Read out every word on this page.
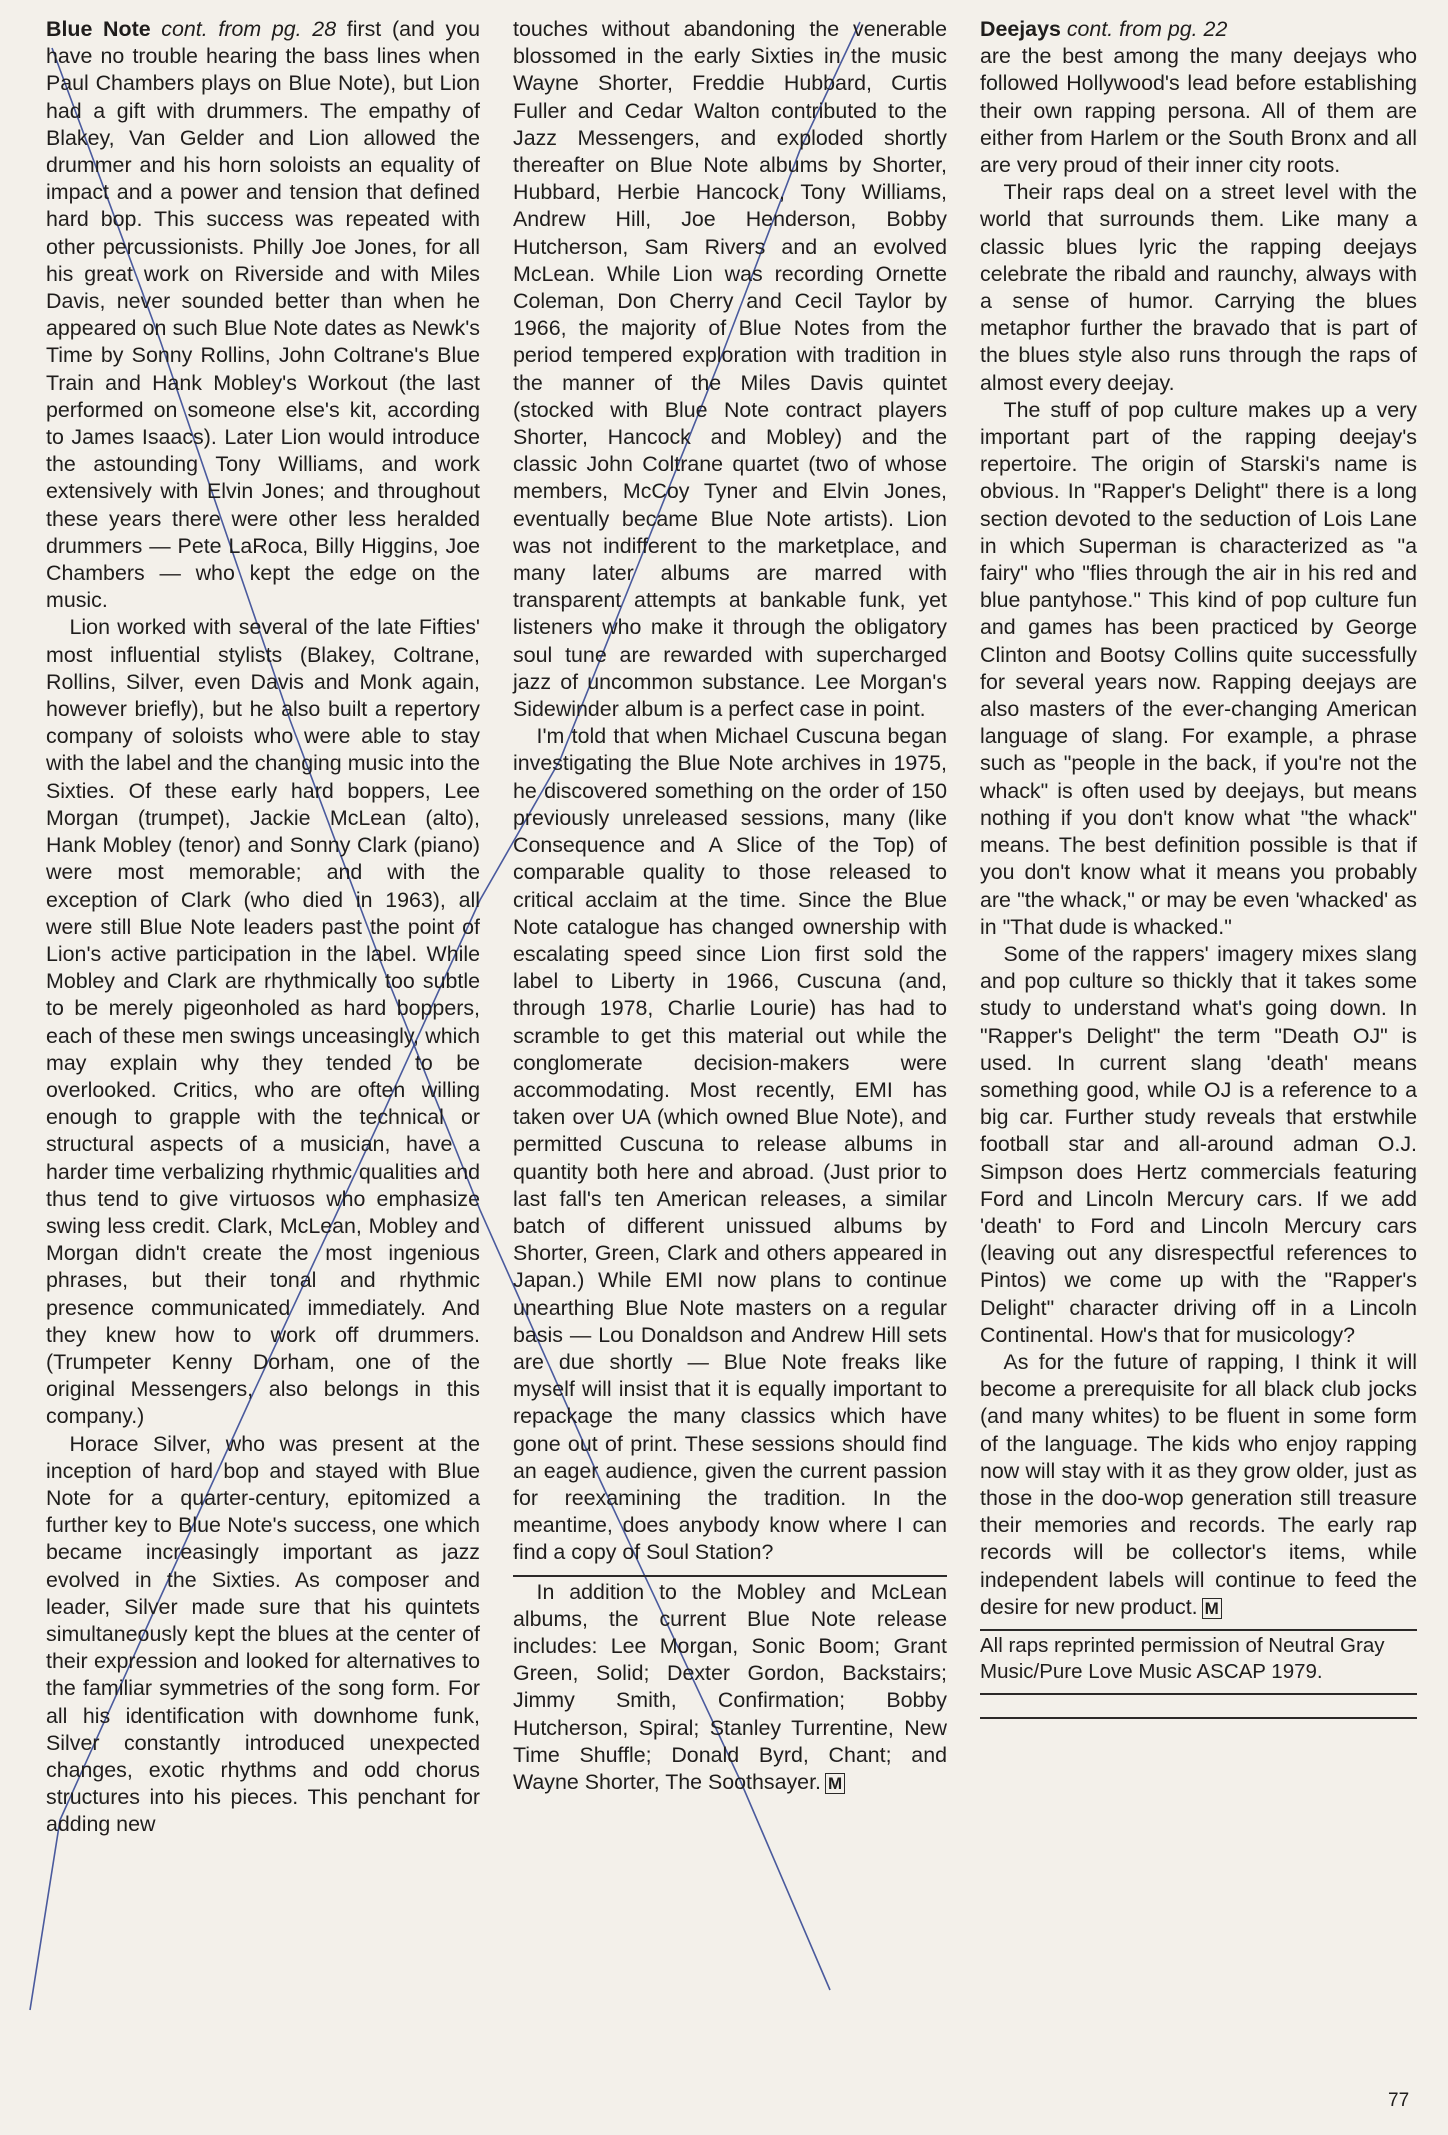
Blue Note cont. from pg. 28 first (and you have no trouble hearing the bass lines when Paul Chambers plays on Blue Note), but Lion had a gift with drummers. The empathy of Blakey, Van Gelder and Lion allowed the drummer and his horn soloists an equality of impact and a power and tension that defined hard bop. This success was repeated with other percussionists. Philly Joe Jones, for all his great work on Riverside and with Miles Davis, never sounded better than when he appeared on such Blue Note dates as Newk's Time by Sonny Rollins, John Coltrane's Blue Train and Hank Mobley's Workout (the last performed on someone else's kit, according to James Isaacs). Later Lion would introduce the astounding Tony Williams, and work extensively with Elvin Jones; and throughout these years there were other less heralded drummers — Pete LaRoca, Billy Higgins, Joe Chambers — who kept the edge on the music.

Lion worked with several of the late Fifties' most influential stylists (Blakey, Coltrane, Rollins, Silver, even Davis and Monk again, however briefly), but he also built a repertory company of soloists who were able to stay with the label and the changing music into the Sixties. Of these early hard boppers, Lee Morgan (trumpet), Jackie McLean (alto), Hank Mobley (tenor) and Sonny Clark (piano) were most memorable; and with the exception of Clark (who died in 1963), all were still Blue Note leaders past the point of Lion's active participation in the label. While Mobley and Clark are rhythmically too subtle to be merely pigeonholed as hard boppers, each of these men swings unceasingly, which may explain why they tended to be overlooked. Critics, who are often willing enough to grapple with the technical or structural aspects of a musician, have a harder time verbalizing rhythmic qualities and thus tend to give virtuosos who emphasize swing less credit. Clark, McLean, Mobley and Morgan didn't create the most ingenious phrases, but their tonal and rhythmic presence communicated immediately. And they knew how to work off drummers. (Trumpeter Kenny Dorham, one of the original Messengers, also belongs in this company.)

Horace Silver, who was present at the inception of hard bop and stayed with Blue Note for a quarter-century, epitomized a further key to Blue Note's success, one which became increasingly important as jazz evolved in the Sixties. As composer and leader, Silver made sure that his quintets simultaneously kept the blues at the center of their expression and looked for alternatives to the familiar symmetries of the song form. For all his identification with downhome funk, Silver constantly introduced unexpected changes, exotic rhythms and odd chorus structures into his pieces. This penchant for adding new

touches without abandoning the venerable blossomed in the early Sixties in the music Wayne Shorter, Freddie Hubbard, Curtis Fuller and Cedar Walton contributed to the Jazz Messengers, and exploded shortly thereafter on Blue Note albums by Shorter, Hubbard, Herbie Hancock, Tony Williams, Andrew Hill, Joe Henderson, Bobby Hutcherson, Sam Rivers and an evolved McLean. While Lion was recording Ornette Coleman, Don Cherry and Cecil Taylor by 1966, the majority of Blue Notes from the period tempered exploration with tradition in the manner of the Miles Davis quintet (stocked with Blue Note contract players Shorter, Hancock and Mobley) and the classic John Coltrane quartet (two of whose members, McCoy Tyner and Elvin Jones, eventually became Blue Note artists). Lion was not indifferent to the marketplace, and many later albums are marred with transparent attempts at bankable funk, yet listeners who make it through the obligatory soul tune are rewarded with supercharged jazz of uncommon substance. Lee Morgan's Sidewinder album is a perfect case in point.

I'm told that when Michael Cuscuna began investigating the Blue Note archives in 1975, he discovered something on the order of 150 previously unreleased sessions, many (like Consequence and A Slice of the Top) of comparable quality to those released to critical acclaim at the time. Since the Blue Note catalogue has changed ownership with escalating speed since Lion first sold the label to Liberty in 1966, Cuscuna (and, through 1978, Charlie Lourie) has had to scramble to get this material out while the conglomerate decision-makers were accommodating. Most recently, EMI has taken over UA (which owned Blue Note), and permitted Cuscuna to release albums in quantity both here and abroad. (Just prior to last fall's ten American releases, a similar batch of different unissued albums by Shorter, Green, Clark and others appeared in Japan.) While EMI now plans to continue unearthing Blue Note masters on a regular basis — Lou Donaldson and Andrew Hill sets are due shortly — Blue Note freaks like myself will insist that it is equally important to repackage the many classics which have gone out of print. These sessions should find an eager audience, given the current passion for reexamining the tradition. In the meantime, does anybody know where I can find a copy of Soul Station?

In addition to the Mobley and McLean albums, the current Blue Note release includes: Lee Morgan, Sonic Boom; Grant Green, Solid; Dexter Gordon, Backstairs; Jimmy Smith, Confirmation; Bobby Hutcherson, Spiral; Stanley Turrentine, New Time Shuffle; Donald Byrd, Chant; and Wayne Shorter, The Soothsayer. M

Deejays cont. from pg. 22
are the best among the many deejays who followed Hollywood's lead before establishing their own rapping persona. All of them are either from Harlem or the South Bronx and all are very proud of their inner city roots.

Their raps deal on a street level with the world that surrounds them. Like many a classic blues lyric the rapping deejays celebrate the ribald and raunchy, always with a sense of humor. Carrying the blues metaphor further the bravado that is part of the blues style also runs through the raps of almost every deejay.

The stuff of pop culture makes up a very important part of the rapping deejay's repertoire. The origin of Starski's name is obvious. In "Rapper's Delight" there is a long section devoted to the seduction of Lois Lane in which Superman is characterized as "a fairy" who "flies through the air in his red and blue pantyhose." This kind of pop culture fun and games has been practiced by George Clinton and Bootsy Collins quite successfully for several years now. Rapping deejays are also masters of the ever-changing American language of slang. For example, a phrase such as "people in the back, if you're not the whack" is often used by deejays, but means nothing if you don't know what "the whack" means. The best definition possible is that if you don't know what it means you probably are "the whack," or may be even 'whacked' as in "That dude is whacked."

Some of the rappers' imagery mixes slang and pop culture so thickly that it takes some study to understand what's going down. In "Rapper's Delight" the term "Death OJ" is used. In current slang 'death' means something good, while OJ is a reference to a big car. Further study reveals that erstwhile football star and all-around adman O.J. Simpson does Hertz commercials featuring Ford and Lincoln Mercury cars. If we add 'death' to Ford and Lincoln Mercury cars (leaving out any disrespectful references to Pintos) we come up with the "Rapper's Delight" character driving off in a Lincoln Continental. How's that for musicology?

As for the future of rapping, I think it will become a prerequisite for all black club jocks (and many whites) to be fluent in some form of the language. The kids who enjoy rapping now will stay with it as they grow older, just as those in the doo-wop generation still treasure their memories and records. The early rap records will be collector's items, while independent labels will continue to feed the desire for new product. M

All raps reprinted permission of Neutral Gray Music/Pure Love Music ASCAP 1979.

77
